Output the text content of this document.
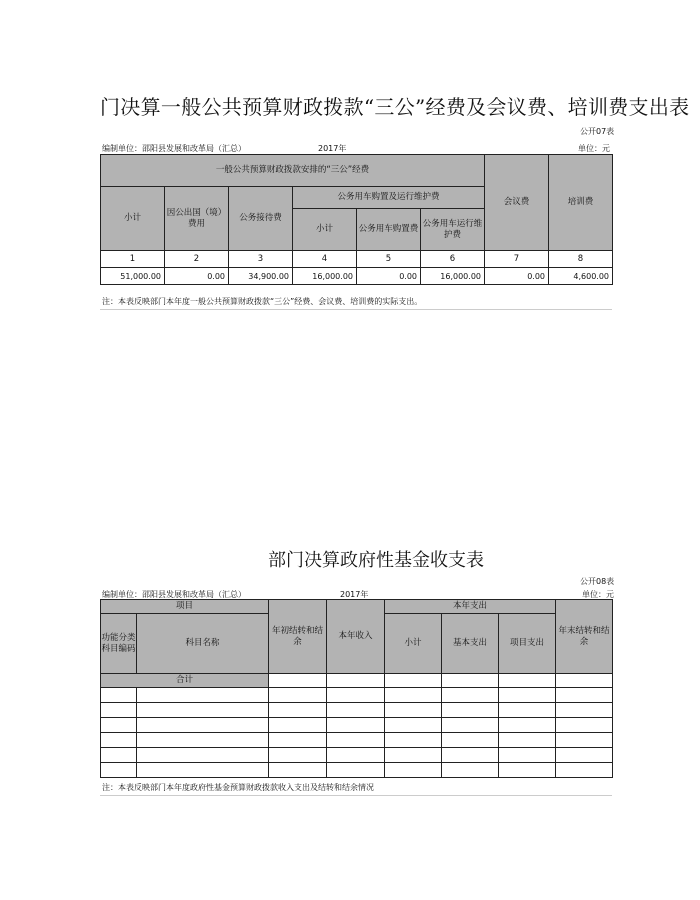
门决算一般公共预算财政拨款“三公”经费及会议费、培训费支出表
公开07表
编制单位：邵阳县发展和改革局（汇总）	2017年	单位：元
一般公共预算财政拨款安排的“三公”经费						会议费	培训费
小计	因公出国（境）费用	公务接待费	公务用车购置及运行维护费				
			小计	公务用车购置费	公务用车运行维护费		
1	2	3	4	5	6	7	8
51,000.00	0.00	34,900.00	16,000.00	0.00	16,000.00	0.00	4,600.00
注：本表反映部门本年度一般公共预算财政拨款“三公”经费、会议费、培训费的实际支出。
部门决算政府性基金收支表
公开08表
编制单位：邵阳县发展和改革局（汇总）	2017年	单位：元
项目		年初结转和结余	本年收入	本年支出			年末结转和结余
功能分类科目编码	科目名称			小计	基本支出	项目支出	
合计							

注：本表反映部门本年度政府性基金预算财政拨款收入支出及结转和结余情况
